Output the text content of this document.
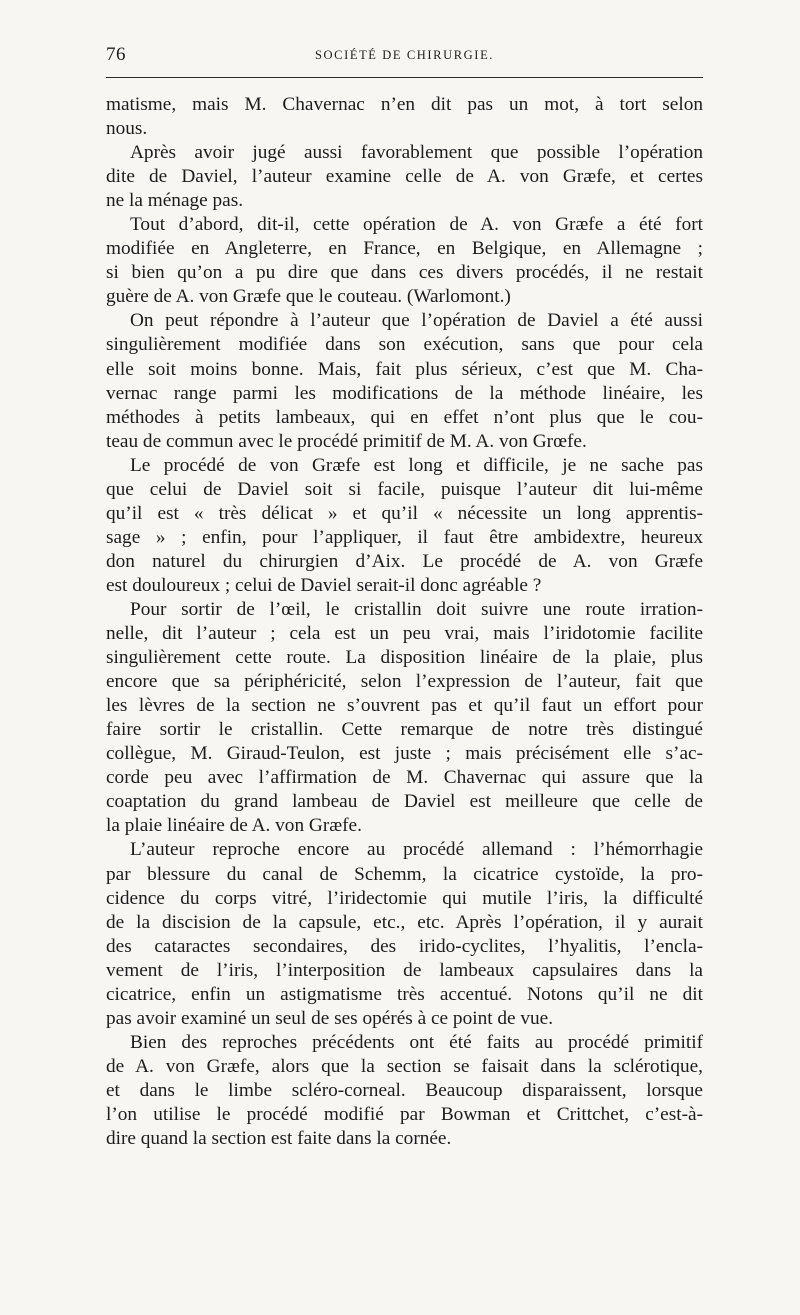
76	SOCIÉTÉ DE CHIRURGIE.
matisme, mais M. Chavernac n’en dit pas un mot, à tort selon
nous.
Après avoir jugé aussi favorablement que possible l’opération
dite de Daviel, l’auteur examine celle de A. von Græfe, et certes
ne la ménage pas.
Tout d’abord, dit-il, cette opération de A. von Græfe a été fort
modifiée en Angleterre, en France, en Belgique, en Allemagne ;
si bien qu’on a pu dire que dans ces divers procédés, il ne restait
guère de A. von Græfe que le couteau. (Warlomont.)
On peut répondre à l’auteur que l’opération de Daviel a été aussi
singulièrement modifiée dans son exécution, sans que pour cela
elle soit moins bonne. Mais, fait plus sérieux, c’est que M. Cha-
vernac range parmi les modifications de la méthode linéaire, les
méthodes à petits lambeaux, qui en effet n’ont plus que le cou-
teau de commun avec le procédé primitif de M. A. von Grœfe.
Le procédé de von Græfe est long et difficile, je ne sache pas
que celui de Daviel soit si facile, puisque l’auteur dit lui-même
qu’il est « très délicat » et qu’il « nécessite un long apprentis-
sage » ; enfin, pour l’appliquer, il faut être ambidextre, heureux
don naturel du chirurgien d’Aix. Le procédé de A. von Græfe
est douloureux ; celui de Daviel serait-il donc agréable ?
Pour sortir de l’œil, le cristallin doit suivre une route irration-
nelle, dit l’auteur ; cela est un peu vrai, mais l’iridotomie facilite
singulièrement cette route. La disposition linéaire de la plaie, plus
encore que sa périphéricité, selon l’expression de l’auteur, fait que
les lèvres de la section ne s’ouvrent pas et qu’il faut un effort pour
faire sortir le cristallin. Cette remarque de notre très distingué
collègue, M. Giraud-Teulon, est juste ; mais précisément elle s’ac-
corde peu avec l’affirmation de M. Chavernac qui assure que la
coaptation du grand lambeau de Daviel est meilleure que celle de
la plaie linéaire de A. von Græfe.
L’auteur reproche encore au procédé allemand : l’hémorrhagie
par blessure du canal de Schemm, la cicatrice cystoïde, la pro-
cidence du corps vitré, l’iridectomie qui mutile l’iris, la difficulté
de la discision de la capsule, etc., etc. Après l’opération, il y aurait
des cataractes secondaires, des irido-cyclites, l’hyalitis, l’encla-
vement de l’iris, l’interposition de lambeaux capsulaires dans la
cicatrice, enfin un astigmatisme très accentué. Notons qu’il ne dit
pas avoir examiné un seul de ses opérés à ce point de vue.
Bien des reproches précédents ont été faits au procédé primitif
de A. von Græfe, alors que la section se faisait dans la sclérotique,
et dans le limbe scléro-corneal. Beaucoup disparaissent, lorsque
l’on utilise le procédé modifié par Bowman et Crittchet, c’est-à-
dire quand la section est faite dans la cornée.
